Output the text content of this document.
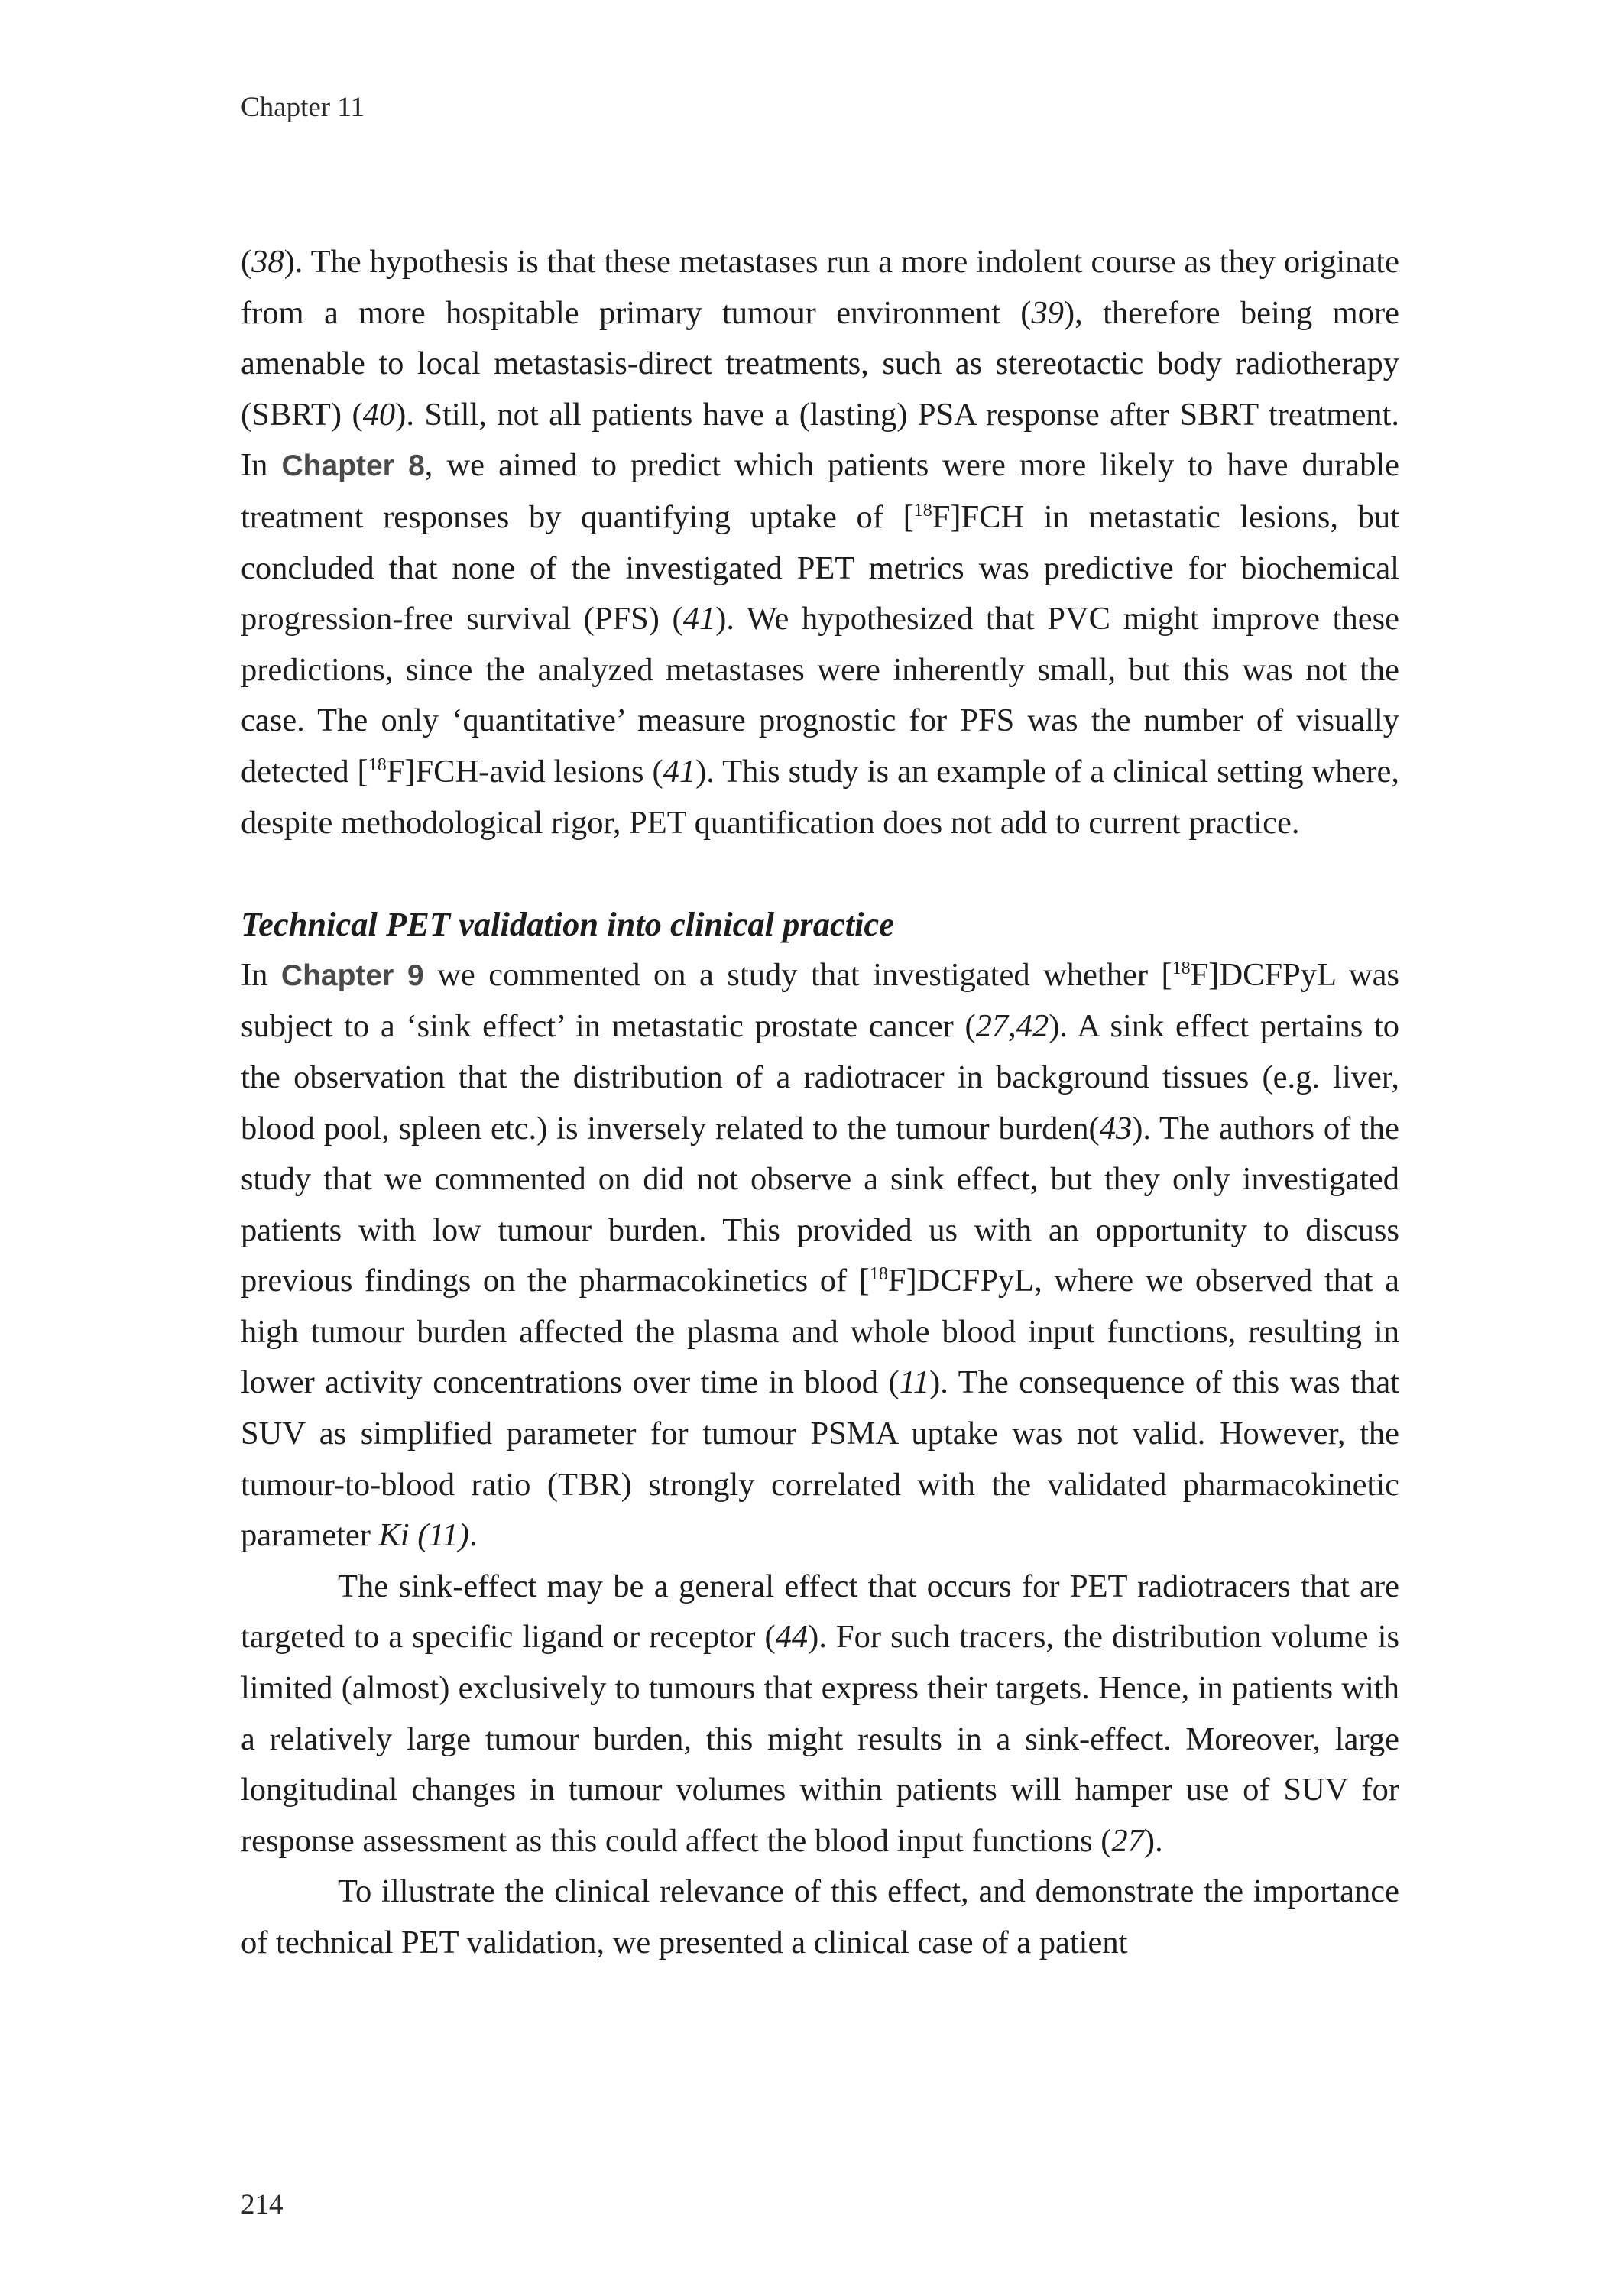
Chapter 11

(38). The hypothesis is that these metastases run a more indolent course as they originate from a more hospitable primary tumour environment (39), therefore being more amenable to local metastasis-direct treatments, such as stereotactic body radiotherapy (SBRT) (40). Still, not all patients have a (lasting) PSA response after SBRT treatment. In Chapter 8, we aimed to predict which patients were more likely to have durable treatment responses by quantifying uptake of [$^{18}$F]FCH in metastatic lesions, but concluded that none of the investigated PET metrics was predictive for biochemical progression-free survival (PFS) (41). We hypothesized that PVC might improve these predictions, since the analyzed metastases were inherently small, but this was not the case. The only ‘quantitative’ measure prognostic for PFS was the number of visually detected [$^{18}$F]FCH-avid lesions (41). This study is an example of a clinical setting where, despite methodological rigor, PET quantification does not add to current practice.

Technical PET validation into clinical practice

In Chapter 9 we commented on a study that investigated whether [$^{18}$F]DCFPyL was subject to a ‘sink effect’ in metastatic prostate cancer (27,42). A sink effect pertains to the observation that the distribution of a radiotracer in background tissues (e.g. liver, blood pool, spleen etc.) is inversely related to the tumour burden(43). The authors of the study that we commented on did not observe a sink effect, but they only investigated patients with low tumour burden. This provided us with an opportunity to discuss previous findings on the pharmacokinetics of [$^{18}$F]DCFPyL, where we observed that a high tumour burden affected the plasma and whole blood input functions, resulting in lower activity concentrations over time in blood (11). The consequence of this was that SUV as simplified parameter for tumour PSMA uptake was not valid. However, the tumour-to-blood ratio (TBR) strongly correlated with the validated pharmacokinetic parameter Ki (11).

The sink-effect may be a general effect that occurs for PET radiotracers that are targeted to a specific ligand or receptor (44). For such tracers, the distribution volume is limited (almost) exclusively to tumours that express their targets. Hence, in patients with a relatively large tumour burden, this might results in a sink-effect. Moreover, large longitudinal changes in tumour volumes within patients will hamper use of SUV for response assessment as this could affect the blood input functions (27).

To illustrate the clinical relevance of this effect, and demonstrate the importance of technical PET validation, we presented a clinical case of a patient

214
